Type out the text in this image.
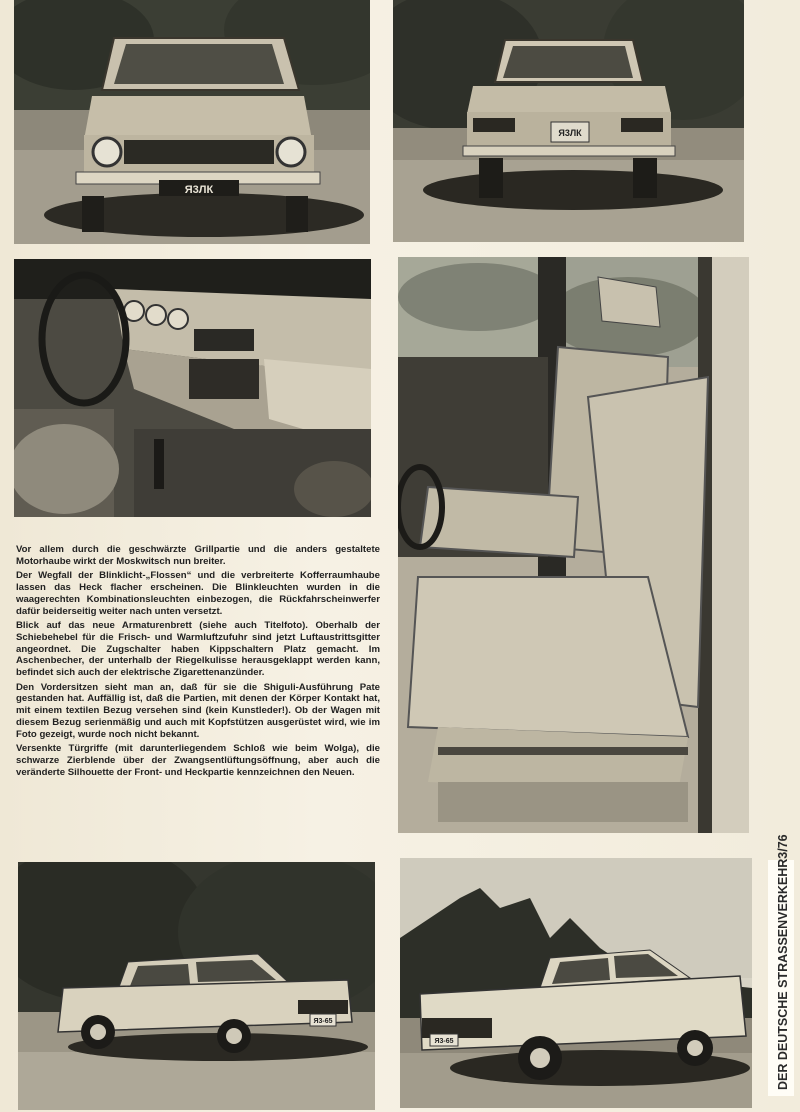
Я3ЛК
Я3ЛК

Vor allem durch die geschwärzte Grillpartie und die anders gestaltete Motorhaube wirkt der Moskwitsch nun breiter.

Der Wegfall der Blinklicht-„Flossen“ und die verbreiterte Kofferraumhaube lassen das Heck flacher erscheinen. Die Blinkleuchten wurden in die waagerechten Kombinationsleuchten einbezogen, die Rückfahrscheinwerfer dafür beiderseitig weiter nach unten versetzt.

Blick auf das neue Armaturenbrett (siehe auch Titelfoto). Oberhalb der Schiebehebel für die Frisch- und Warmluftzufuhr sind jetzt Luftaustrittsgitter angeordnet. Die Zugschalter haben Kippschaltern Platz gemacht. Im Aschenbecher, der unterhalb der Riegelkulisse herausgeklappt werden kann, befindet sich auch der elektrische Zigarettenanzünder.

Den Vordersitzen sieht man an, daß für sie die Shiguli-Ausführung Pate gestanden hat. Auffällig ist, daß die Partien, mit denen der Körper Kontakt hat, mit einem textilen Bezug versehen sind (kein Kunstleder!). Ob der Wagen mit diesem Bezug serienmäßig und auch mit Kopfstützen ausgerüstet wird, wie im Foto gezeigt, wurde noch nicht bekannt.

Versenkte Türgriffe (mit darunterliegendem Schloß wie beim Wolga), die schwarze Zierblende über der Zwangsentlüftungsöffnung, aber auch die veränderte Silhouette der Front- und Heckpartie kennzeichnen den Neuen.

Я3-65
Я3-65	DER DEUTSCHE STRASSENVERKEHR
3/76
